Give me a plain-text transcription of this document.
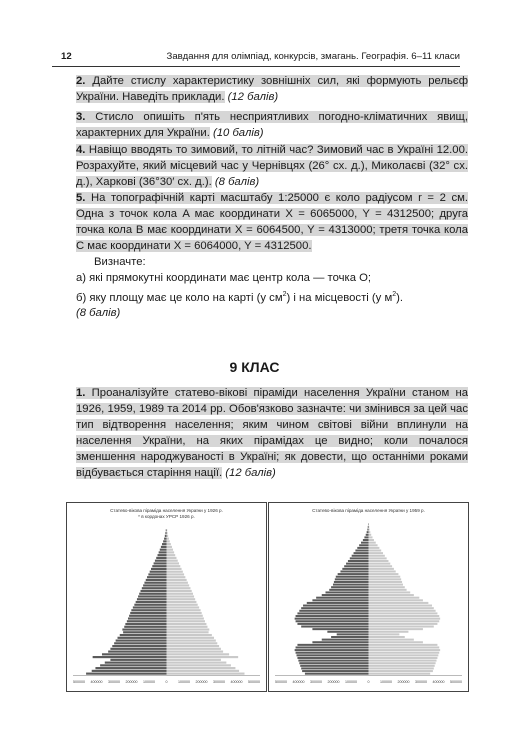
12	Завдання для олімпіад, конкурсів, змагань. Географія. 6–11 класи

2. Дайте стислу характеристику зовнішніх сил, які формують рельєф України. Наведіть приклади. (12 балів)

3. Стисло опишіть п'ять несприятливих погодно-кліматичних явищ, характерних для України. (10 балів)

4. Навіщо вводять то зимовий, то літній час? Зимовий час в Україні 12.00. Розрахуйте, який місцевий час у Чернівцях (26° сх. д.), Миколаєві (32° сх. д.), Харкові (36°30′ сх. д.). (8 балів)

5. На топографічній карті масштабу 1:25000 є коло радіусом r = 2 см. Одна з точок кола A має координати X = 6065000, Y = 4312500; друга точка кола B має координати X = 6064500, Y = 4313000; третя точка кола C має координати X = 6064000, Y = 4312500.

Визначте:

а) які прямокутні координати має центр кола — точка О;

б) яку площу має це коло на карті (у $см^2$) і на місцевості (у $м^2$).

(8 балів)

9 КЛАС

1. Проаналізуйте статево-вікові піраміди населення України станом на 1926, 1959, 1989 та 2014 рр. Обов'язково зазначте: чи змінився за цей час тип відтворення населення; яким чином світові війни вплинули на населення України, на яких пірамідах це видно; коли почалося зменшення народжуваності в Україні; як довести, що останніми роками відбувається старіння нації. (12 балів)

Статево-вікова піраміда населення України у 1926 р.
* в кордонах УРСР 1926 р.
500000 400000 300000 200000 100000	0	100000 200000 300000 400000 500000
Статево-вікова піраміда населення України у 1959 р.
500000 400000 300000 200000 100000	0	100000 200000 300000 400000 500000
